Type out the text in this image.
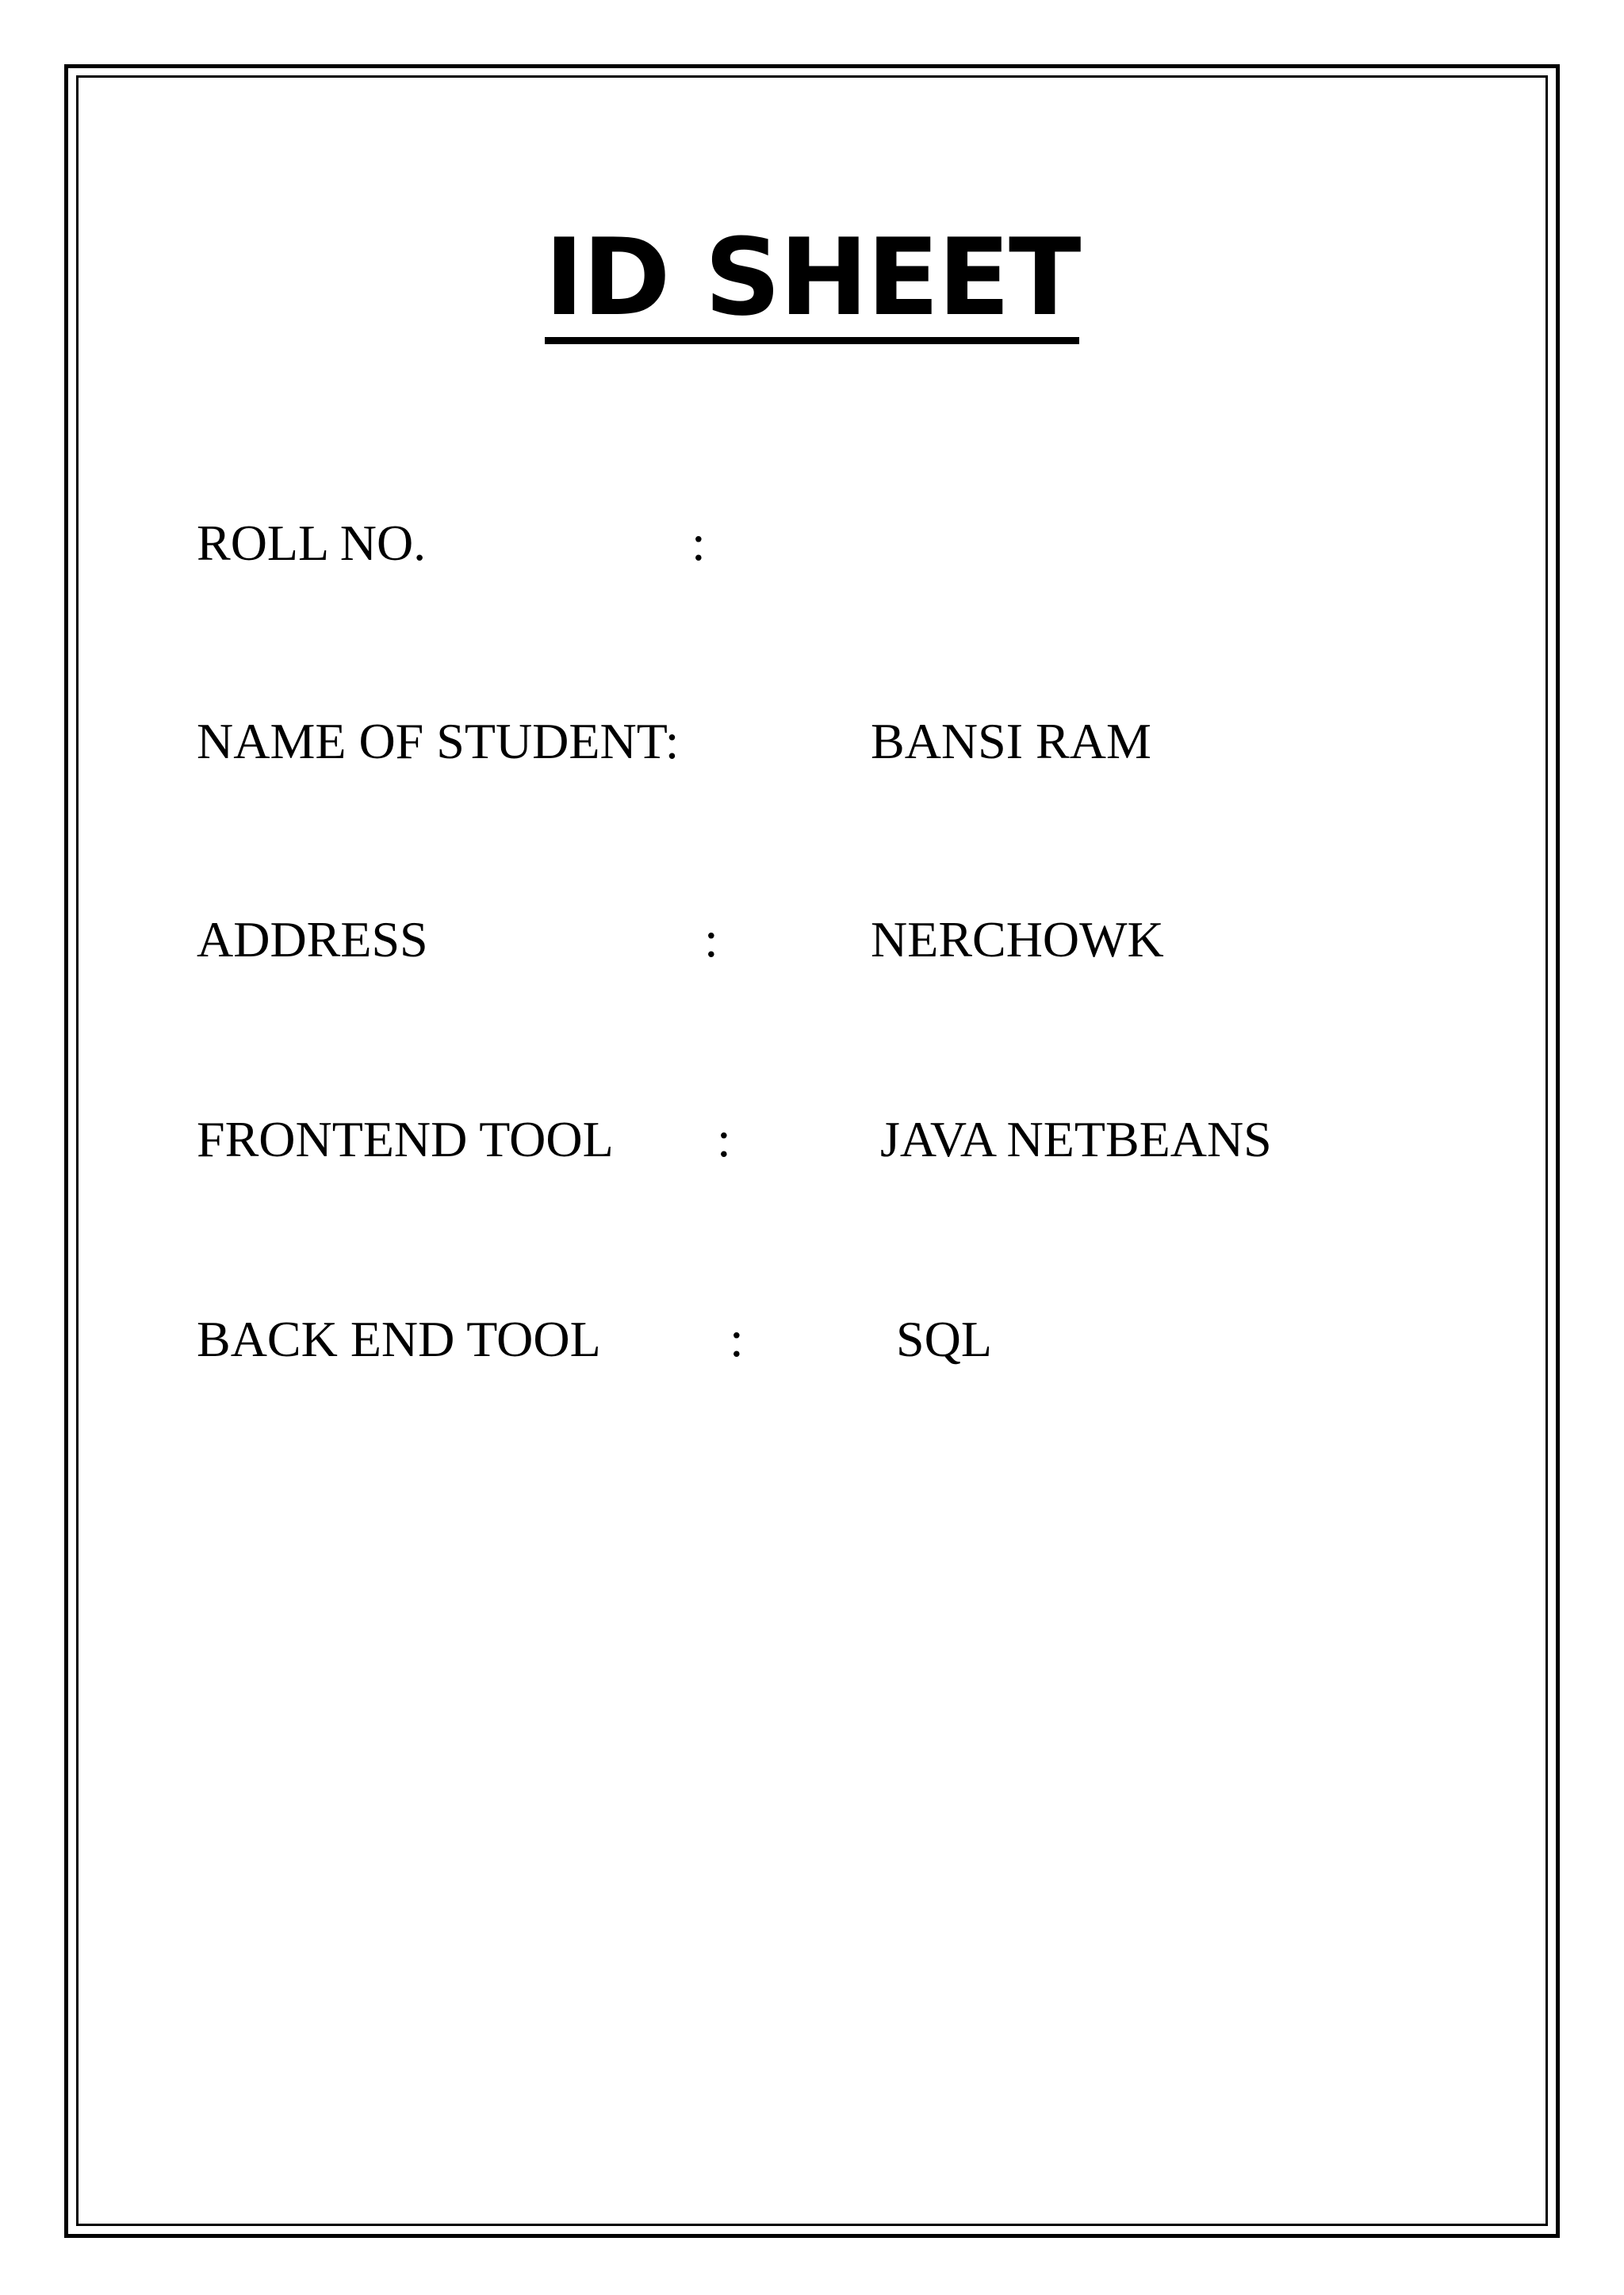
ID SHEET
ROLL NO.	:
NAME OF STUDENT:	BANSI RAM
ADDRESS	:	NERCHOWK
FRONTEND TOOL :	JAVA NETBEANS
BACK END TOOL	:	SQL
